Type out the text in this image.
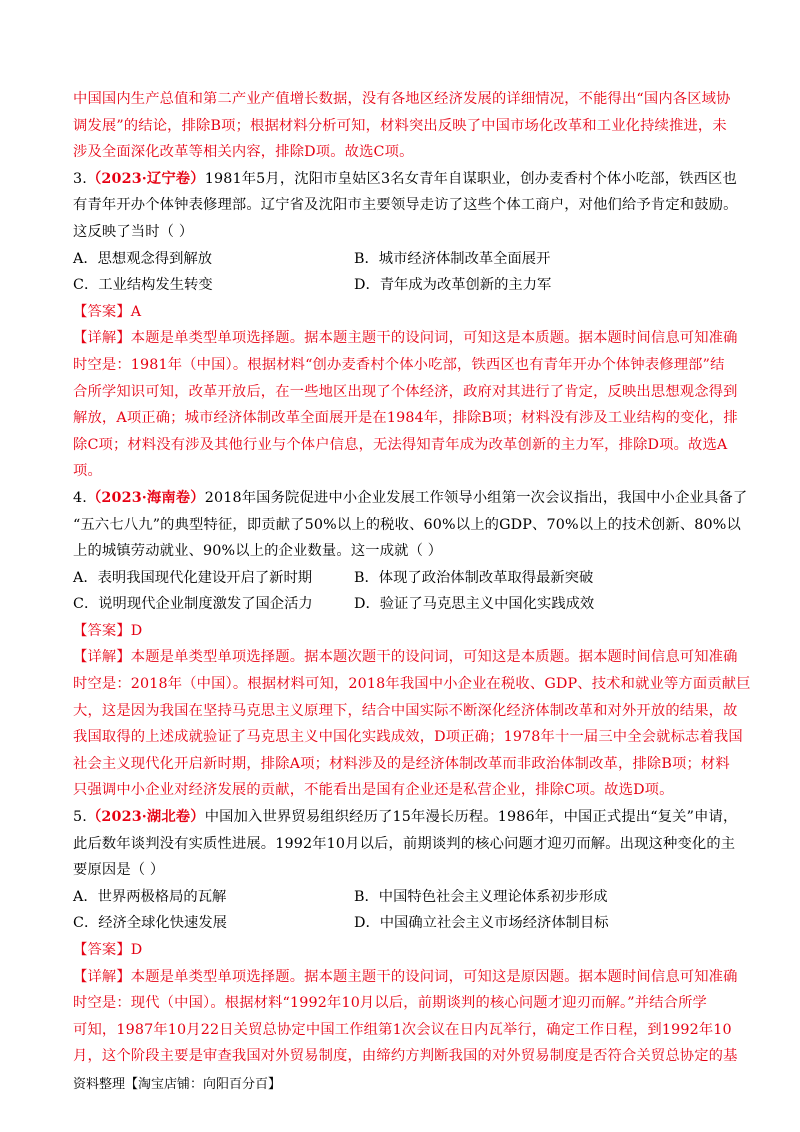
中国国内生产总值和第二产业产值增长数据，没有各地区经济发展的详细情况，不能得出“国内各区域协
调发展”的结论，排除B项；根据材料分析可知，材料突出反映了中国市场化改革和工业化持续推进，未
涉及全面深化改革等相关内容，排除D项。故选C项。
3.（2023·辽宁卷）1981年5月，沈阳市皇姑区3名女青年自谋职业，创办麦香村个体小吃部，铁西区也
有青年开办个体钟表修理部。辽宁省及沈阳市主要领导走访了这些个体工商户，对他们给予肯定和鼓励。
这反映了当时（ ）
A．思想观念得到解放	B．城市经济体制改革全面展开
C．工业结构发生转变	D．青年成为改革创新的主力军
【答案】A
【详解】本题是单类型单项选择题。据本题主题干的设问词，可知这是本质题。据本题时间信息可知准确
时空是：1981年（中国）。根据材料“创办麦香村个体小吃部，铁西区也有青年开办个体钟表修理部”结
合所学知识可知，改革开放后，在一些地区出现了个体经济，政府对其进行了肯定，反映出思想观念得到
解放，A项正确；城市经济体制改革全面展开是在1984年，排除B项；材料没有涉及工业结构的变化，排
除C项；材料没有涉及其他行业与个体户信息，无法得知青年成为改革创新的主力军，排除D项。故选A
项。
4.（2023·海南卷）2018年国务院促进中小企业发展工作领导小组第一次会议指出，我国中小企业具备了
“五六七八九”的典型特征，即贡献了50%以上的税收、60%以上的GDP、70%以上的技术创新、80%以
上的城镇劳动就业、90%以上的企业数量。这一成就（ ）
A．表明我国现代化建设开启了新时期	B．体现了政治体制改革取得最新突破
C．说明现代企业制度激发了国企活力	D．验证了马克思主义中国化实践成效
【答案】D
【详解】本题是单类型单项选择题。据本题次题干的设问词，可知这是本质题。据本题时间信息可知准确
时空是：2018年（中国）。根据材料可知，2018年我国中小企业在税收、GDP、技术和就业等方面贡献巨
大，这是因为我国在坚持马克思主义原理下，结合中国实际不断深化经济体制改革和对外开放的结果，故
我国取得的上述成就验证了马克思主义中国化实践成效，D项正确；1978年十一届三中全会就标志着我国
社会主义现代化开启新时期，排除A项；材料涉及的是经济体制改革而非政治体制改革，排除B项；材料
只强调中小企业对经济发展的贡献，不能看出是国有企业还是私营企业，排除C项。故选D项。
5.（2023·湖北卷）中国加入世界贸易组织经历了15年漫长历程。1986年，中国正式提出“复关”申请，
此后数年谈判没有实质性进展。1992年10月以后，前期谈判的核心问题才迎刃而解。出现这种变化的主
要原因是（ ）
A．世界两极格局的瓦解	B．中国特色社会主义理论体系初步形成
C．经济全球化快速发展	D．中国确立社会主义市场经济体制目标
【答案】D
【详解】本题是单类型单项选择题。据本题主题干的设问词，可知这是原因题。据本题时间信息可知准确
时空是：现代（中国）。根据材料“1992年10月以后，前期谈判的核心问题才迎刃而解。”并结合所学
可知，1987年10月22日关贸总协定中国工作组第1次会议在日内瓦举行，确定工作日程，到1992年10
月，这个阶段主要是审查我国对外贸易制度，由缔约方判断我国的对外贸易制度是否符合关贸总协定的基
资料整理【淘宝店铺：向阳百分百】
